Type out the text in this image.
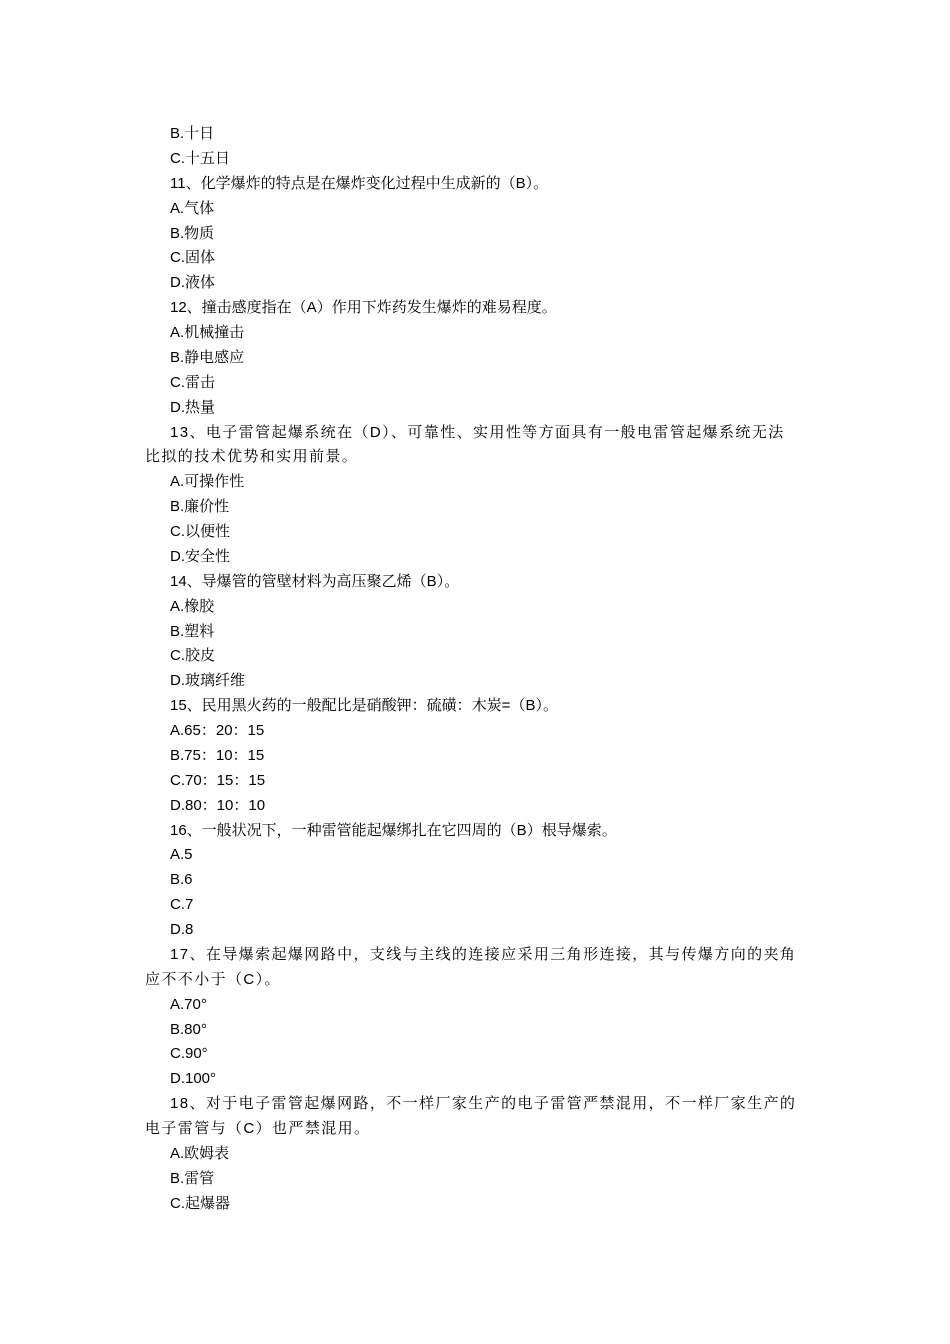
B.十日
C.十五日
11、化学爆炸的特点是在爆炸变化过程中生成新的（B）。
A.气体
B.物质
C.固体
D.液体
12、撞击感度指在（A）作用下炸药发生爆炸的难易程度。
A.机械撞击
B.静电感应
C.雷击
D.热量
13、电子雷管起爆系统在（D）、可靠性、实用性等方面具有一般电雷管起爆系统无法
比拟的技术优势和实用前景。
A.可操作性
B.廉价性
C.以便性
D.安全性
14、导爆管的管壁材料为高压聚乙烯（B）。
A.橡胶
B.塑料
C.胶皮
D.玻璃纤维
15、民用黑火药的一般配比是硝酸钾：硫磺：木炭=（B）。
A.65：20：15
B.75：10：15
C.70：15：15
D.80：10：10
16、一般状况下，一种雷管能起爆绑扎在它四周的（B）根导爆索。
A.5
B.6
C.7
D.8
17、在导爆索起爆网路中，支线与主线的连接应采用三角形连接，其与传爆方向的夹角
应不不小于（C）。
A.70°
B.80°
C.90°
D.100°
18、对于电子雷管起爆网路，不一样厂家生产的电子雷管严禁混用，不一样厂家生产的
电子雷管与（C）也严禁混用。
A.欧姆表
B.雷管
C.起爆器
